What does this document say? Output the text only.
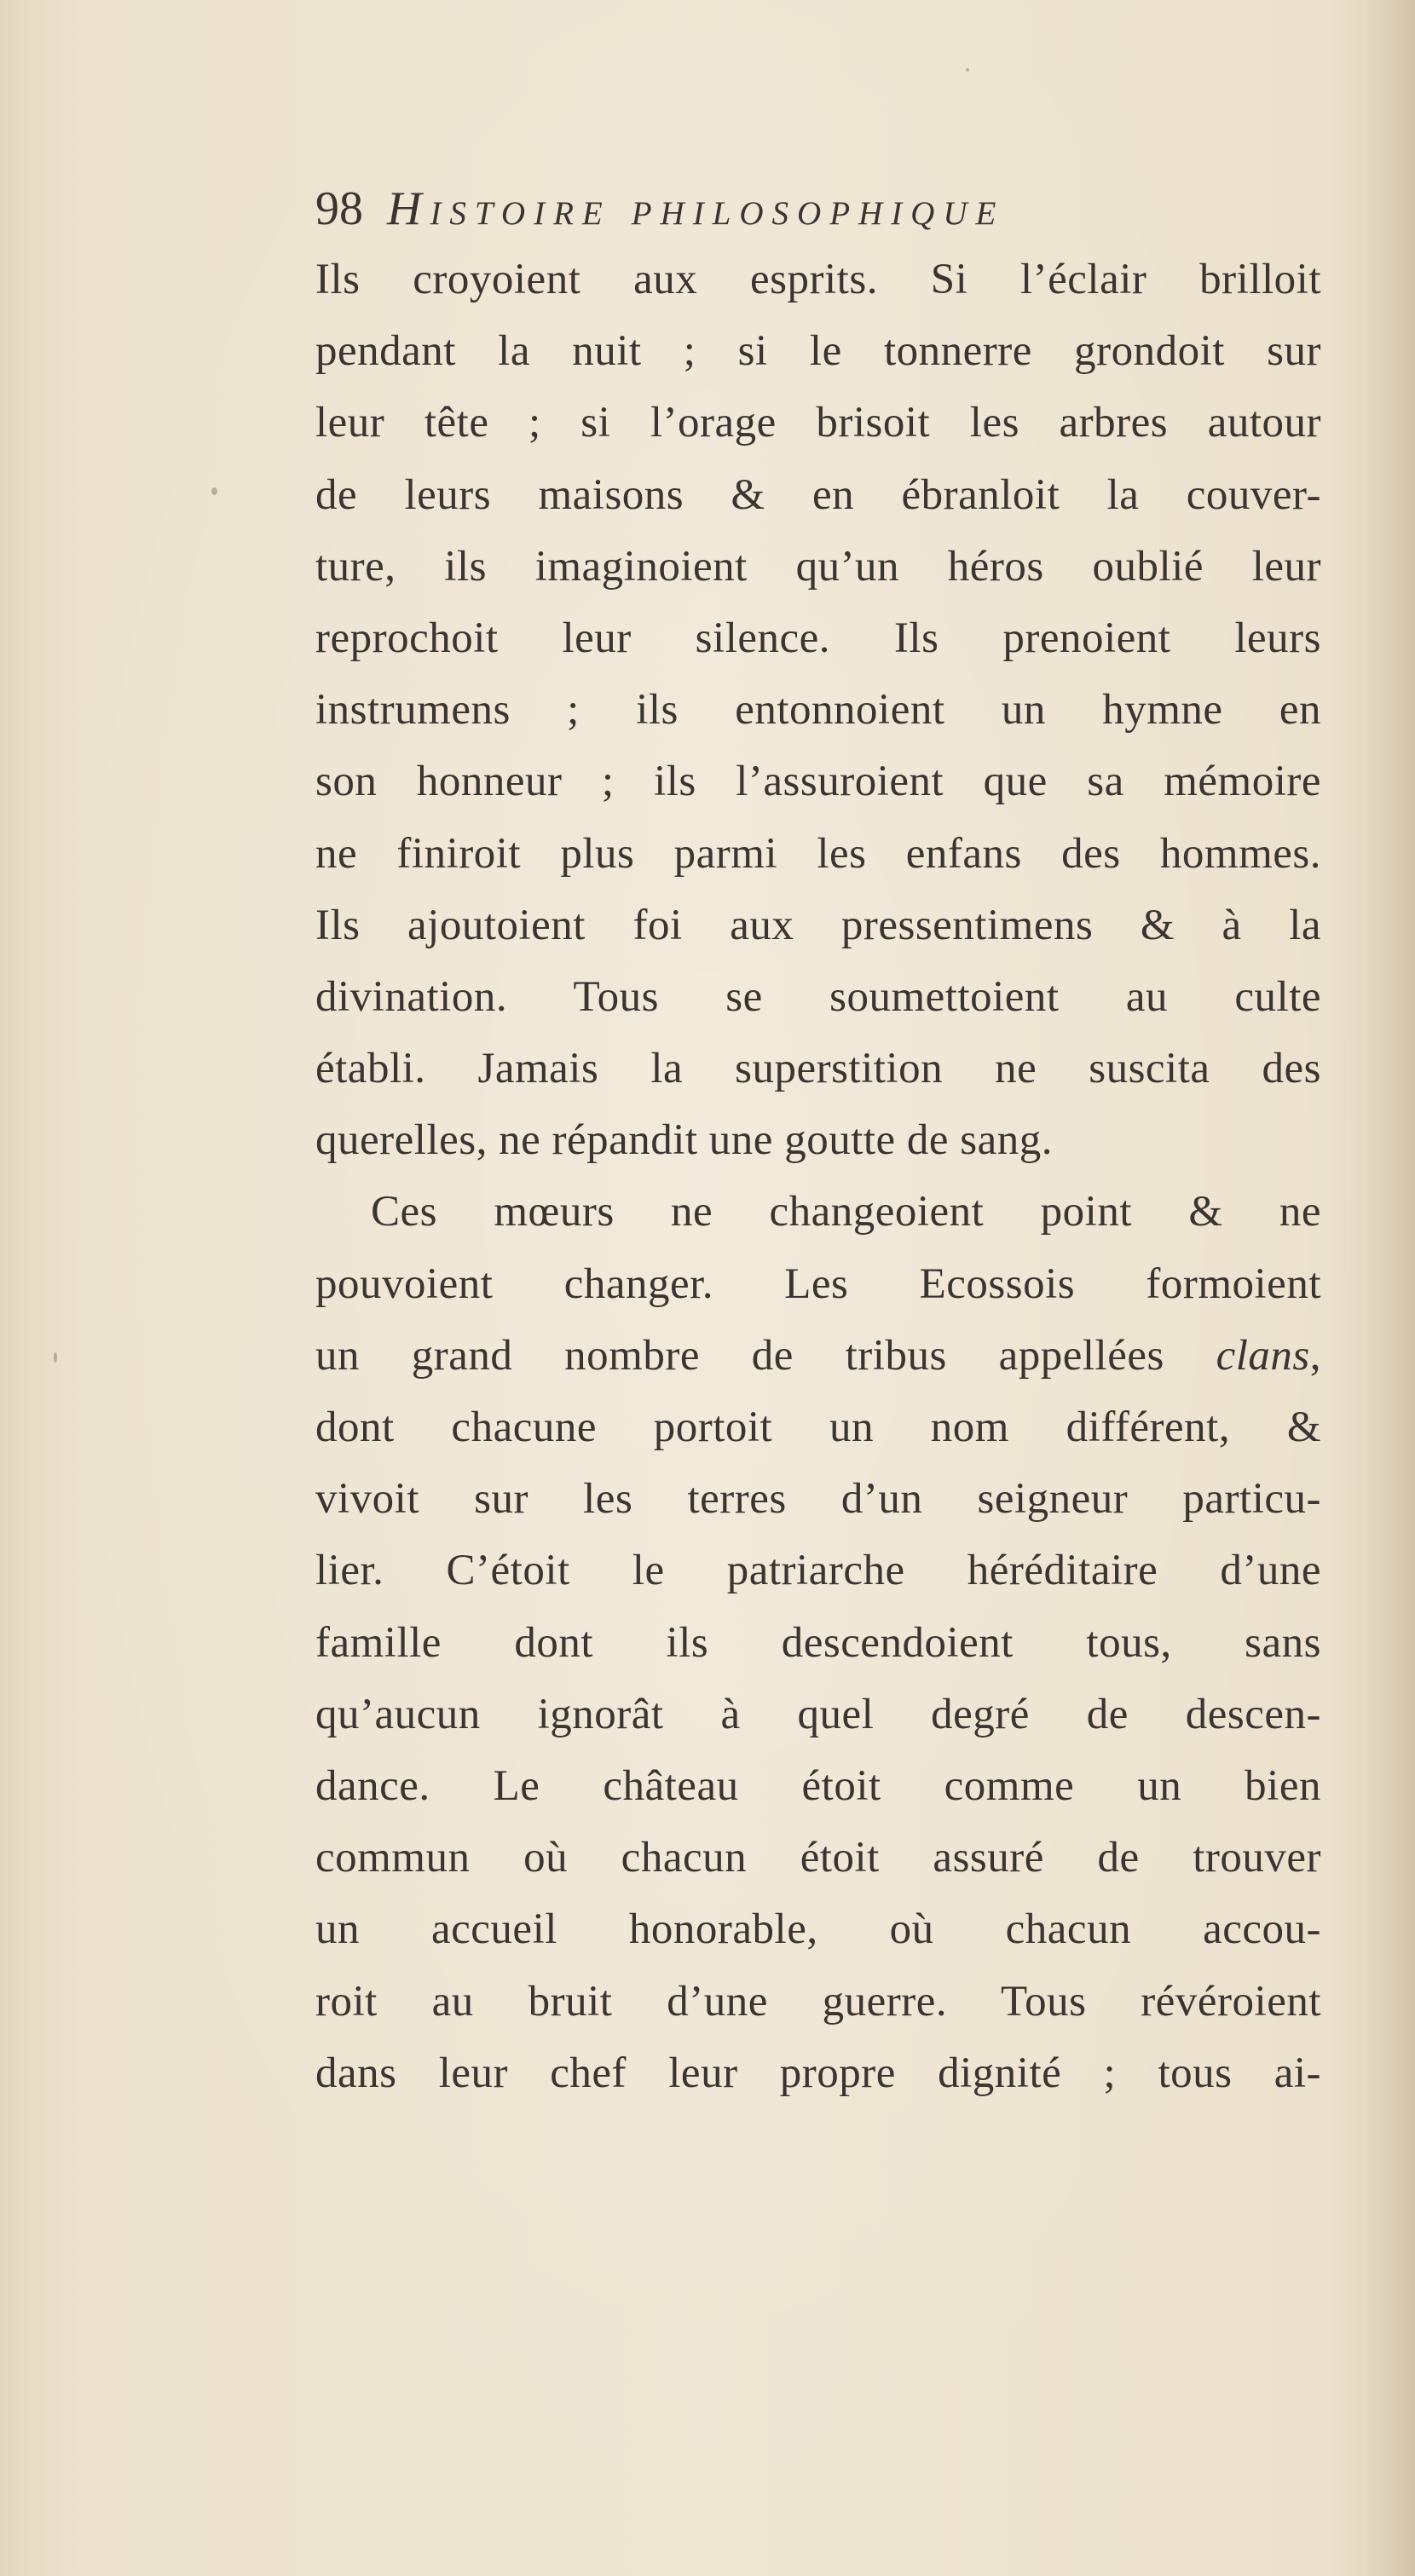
98 Histoire philosophique
Ils croyoient aux esprits. Si l’éclair brilloit
pendant la nuit ; si le tonnerre grondoit sur
leur tête ; si l’orage brisoit les arbres autour
de leurs maisons & en ébranloit la couver-
ture, ils imaginoient qu’un héros oublié leur
reprochoit leur silence. Ils prenoient leurs
instrumens ; ils entonnoient un hymne en
son honneur ; ils l’assuroient que sa mémoire
ne finiroit plus parmi les enfans des hommes.
Ils ajoutoient foi aux pressentimens & à la
divination. Tous se soumettoient au culte
établi. Jamais la superstition ne suscita des
querelles, ne répandit une goutte de sang.
Ces mœurs ne changeoient point & ne
pouvoient changer. Les Ecossois formoient
un grand nombre de tribus appellées clans,
dont chacune portoit un nom différent, &
vivoit sur les terres d’un seigneur particu-
lier. C’étoit le patriarche héréditaire d’une
famille dont ils descendoient tous, sans
qu’aucun ignorât à quel degré de descen-
dance. Le château étoit comme un bien
commun où chacun étoit assuré de trouver
un accueil honorable, où chacun accou-
roit au bruit d’une guerre. Tous révéroient
dans leur chef leur propre dignité ; tous ai-
